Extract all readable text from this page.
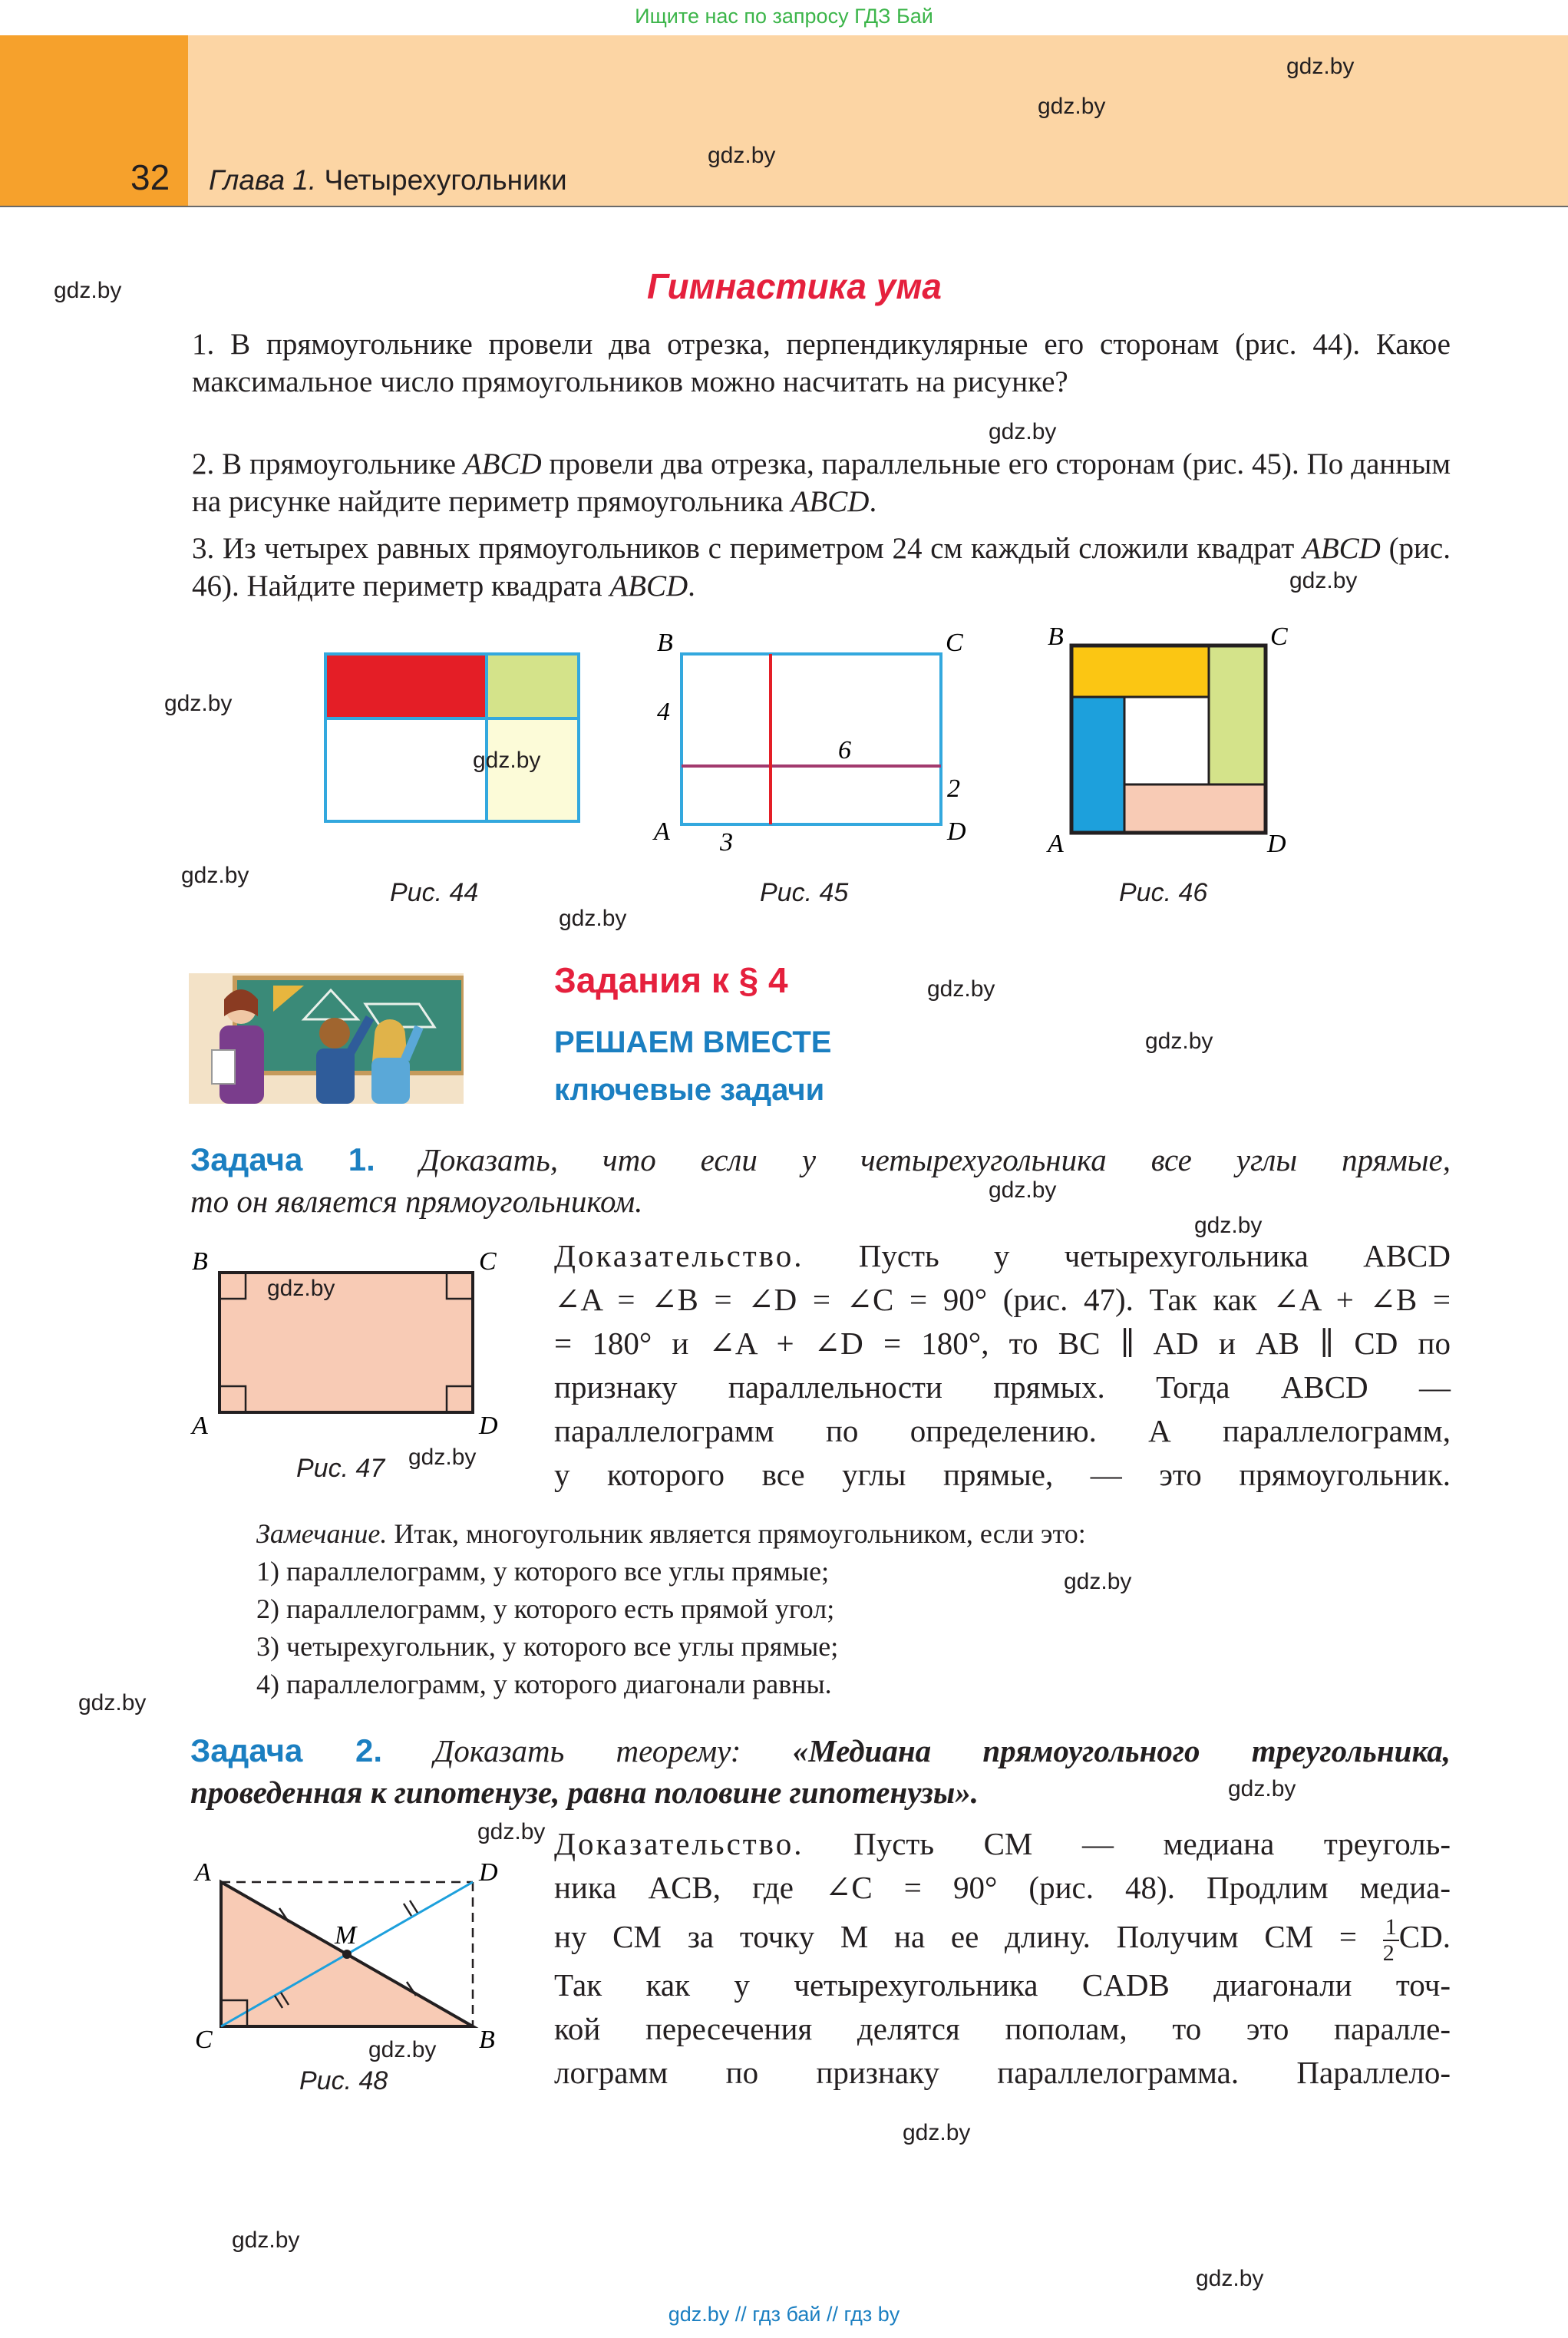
Ищите нас по запросу ГДЗ Бай
32 Глава 1. Четырехугольники
Гимнастика ума
1. В прямоугольнике провели два отрезка, перпендикулярные его сторонам (рис. 44). Какое максимальное число прямоугольников можно насчитать на рисунке?
2. В прямоугольнике ABCD провели два отрезка, параллельные его сторонам (рис. 45). По данным на рисунке найдите периметр прямоугольника ABCD.
3. Из четырех равных прямоугольников с периметром 24 см каждый сложили квадрат ABCD (рис. 46). Найдите периметр квадрата ABCD.
Рис. 44
B	C
A	D
4
6
2
3
Рис. 45
B	C
A	D
Рис. 46
Задания к § 4
РЕШАЕМ ВМЕСТЕ
ключевые задачи
Задача 1. Доказать, что если у четырехугольника все углы прямые,
то он является прямоугольником.
B	C
A	D
Рис. 47
Доказательство. Пусть у четырехугольника ABCD
∠A = ∠B = ∠D = ∠C = 90° (рис. 47). Так как ∠A + ∠B =
= 180° и ∠A + ∠D = 180°, то BC ∥ AD и AB ∥ CD по
признаку параллельности прямых. Тогда ABCD —
параллелограмм по определению. А параллелограмм,
у которого все углы прямые, — это прямоугольник.
Замечание. Итак, многоугольник является прямоугольником, если это:
1) параллелограмм, у которого все углы прямые;
2) параллелограмм, у которого есть прямой угол;
3) четырехугольник, у которого все углы прямые;
4) параллелограмм, у которого диагонали равны.
Задача 2. Доказать теорему: «Медиана прямоугольного треугольника,
проведенная к гипотенузе, равна половине гипотенузы».
A	D
M
C	B
Рис. 48
Доказательство. Пусть CM — медиана треуголь-
ника ACB, где ∠C = 90° (рис. 48). Продлим медиа-
ну CM за точку M на ее длину. Получим CM = $\frac{1}{2}$ CD.
Так как у четырехугольника CADB диагонали точ-
кой пересечения делятся пополам, то это паралле-
лограмм по признаку параллелограмма. Параллело-
gdz.by
gdz.by
gdz.by
gdz.by
gdz.by
gdz.by
gdz.by
gdz.by
gdz.by
gdz.by
gdz.by
gdz.by
gdz.by
gdz.by
gdz.by
gdz.by
gdz.by
gdz.by
gdz.by
gdz.by
gdz.by
gdz.by
gdz.by
gdz.by
gdz.by // гдз бай // гдз by
